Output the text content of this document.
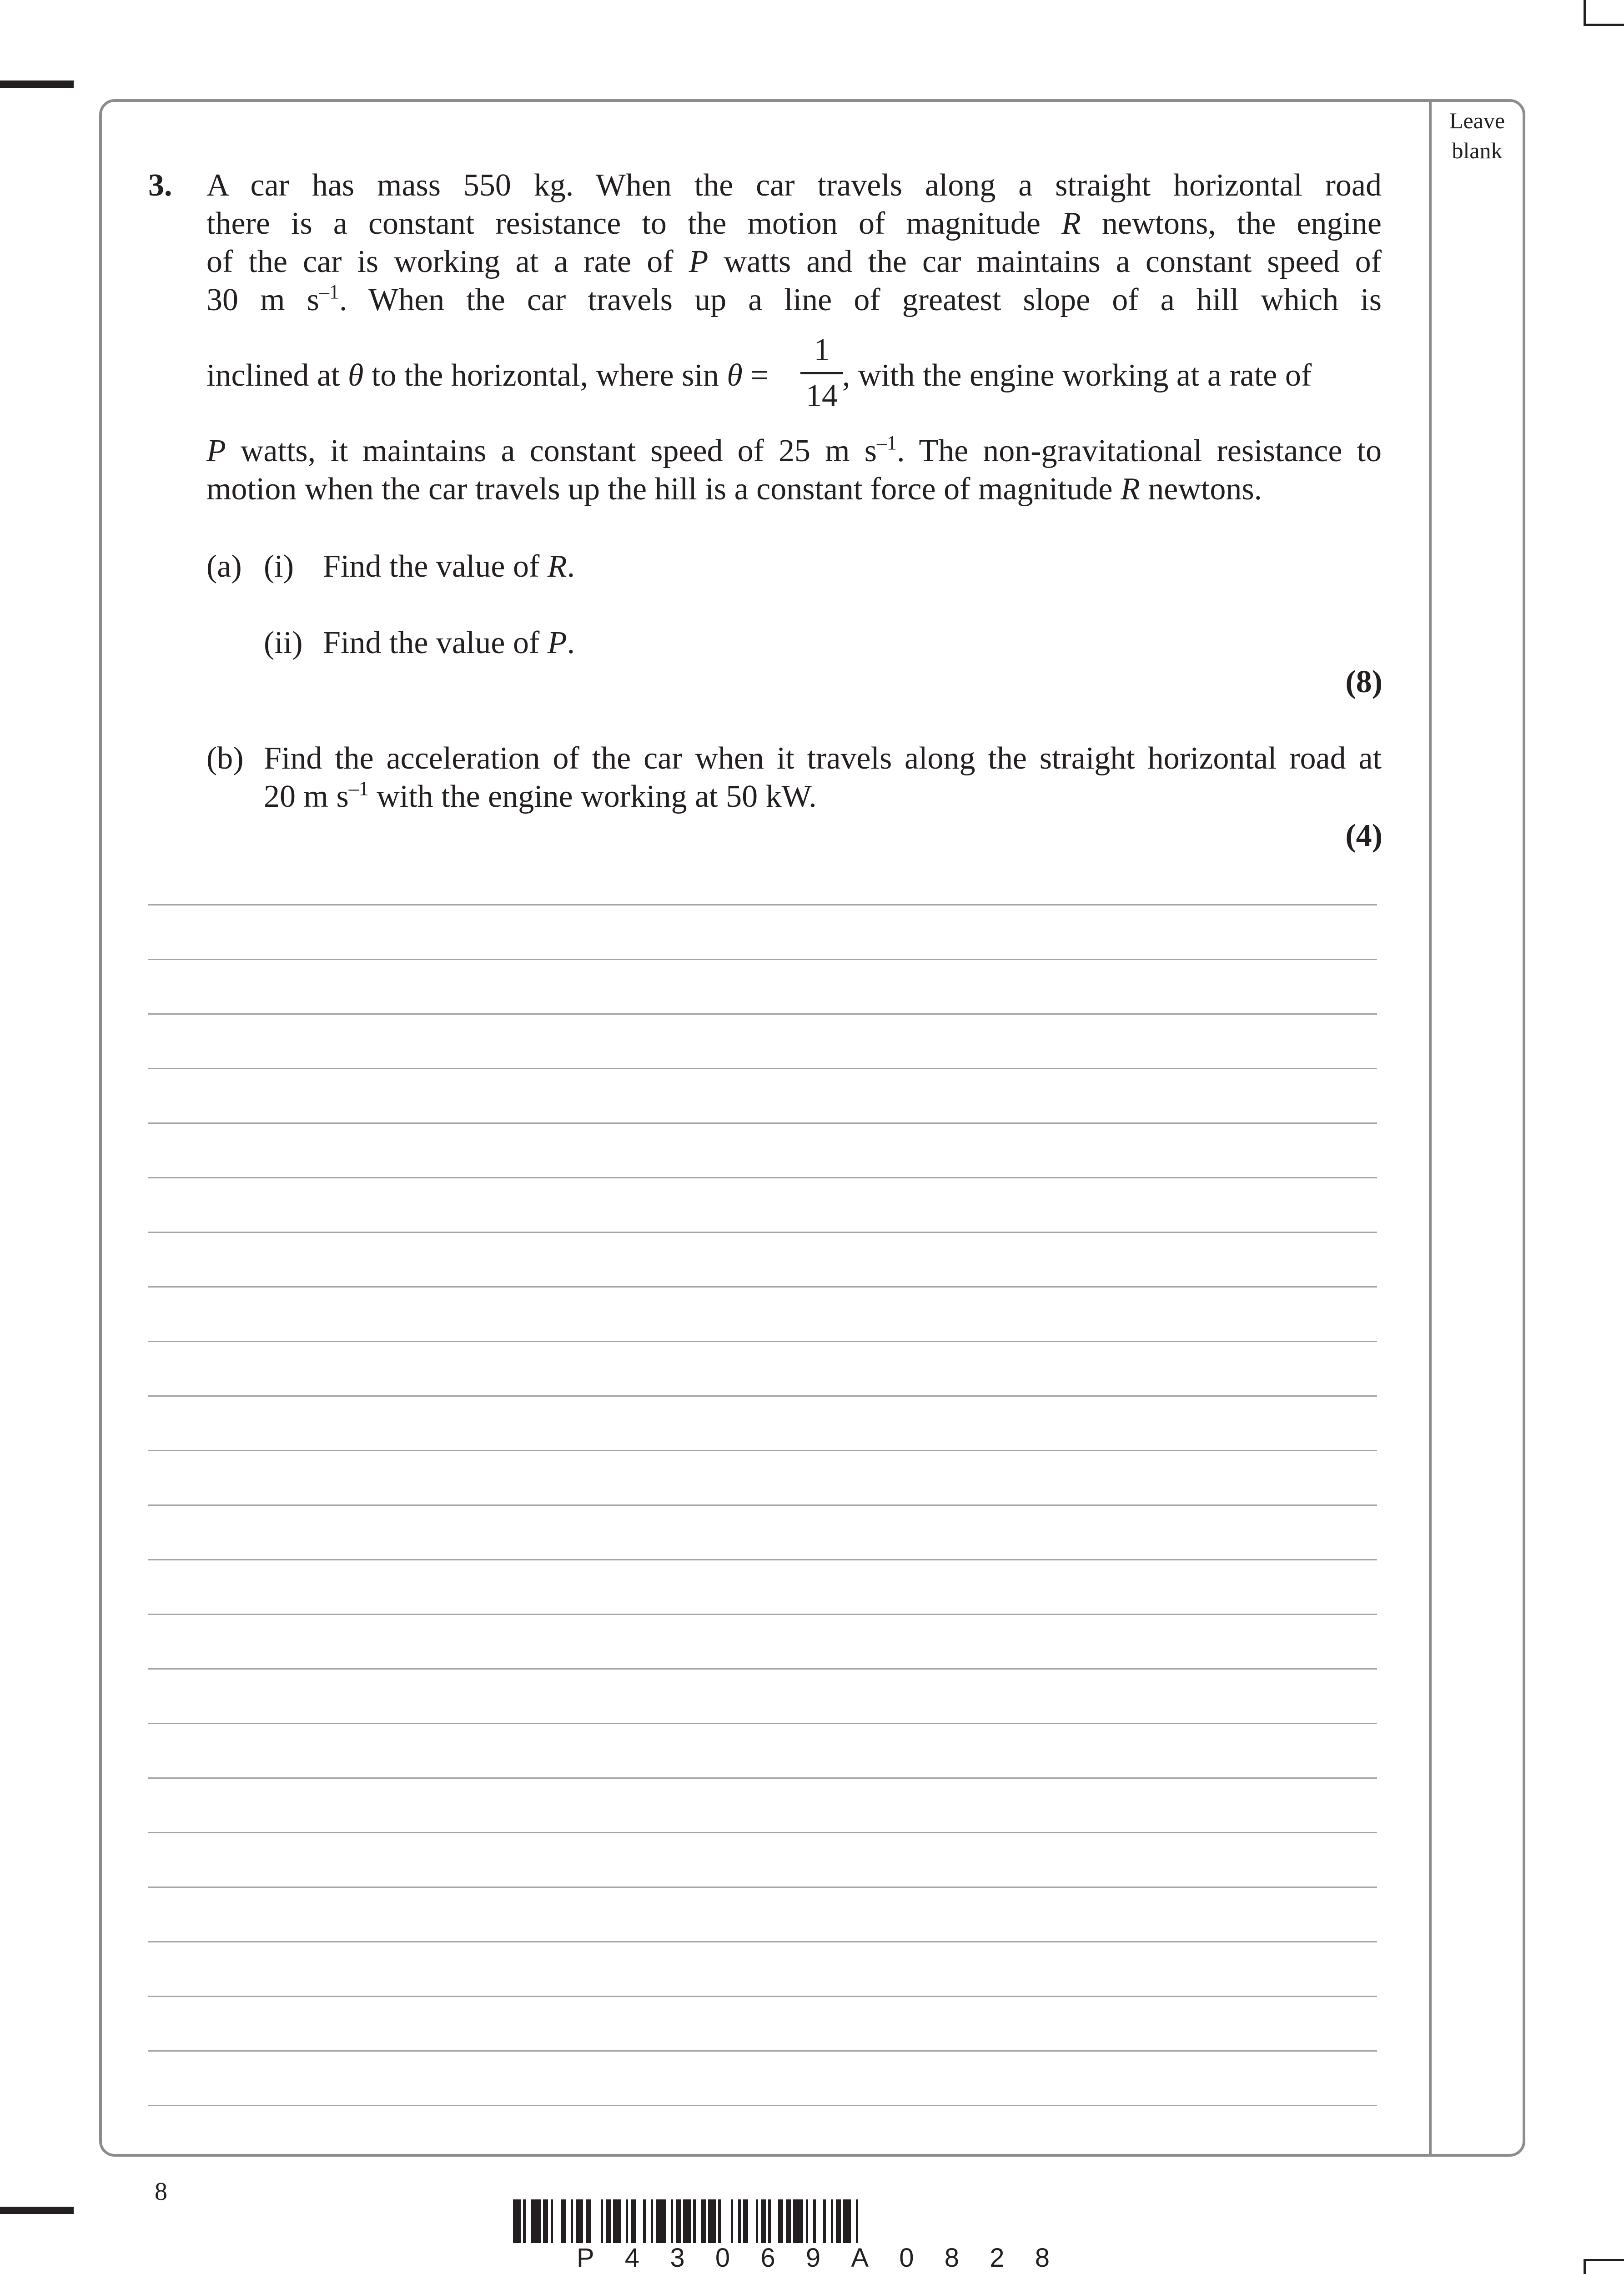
Leave
blank
3. A car has mass 550 kg. When the car travels along a straight horizontal road
there is a constant resistance to the motion of magnitude R newtons, the engine
of the car is working at a rate of P watts and the car maintains a constant speed of
30 m $s^{-1}$. When the car travels up a line of greatest slope of a hill which is
inclined at θ to the horizontal, where sin θ =
1
14
, with the engine working at a rate of
P watts, it maintains a constant speed of 25 m $s^{-1}$. The non-gravitational resistance to
motion when the car travels up the hill is a constant force of magnitude R newtons.
(a) (i) Find the value of R.
(ii) Find the value of P.
(8)
(b) Find the acceleration of the car when it travels along the straight horizontal road at
20 m $s^{-1}$ with the engine working at 50 kW.
(4)
8
P 4 3 0 6 9 A 0 8 2 8
